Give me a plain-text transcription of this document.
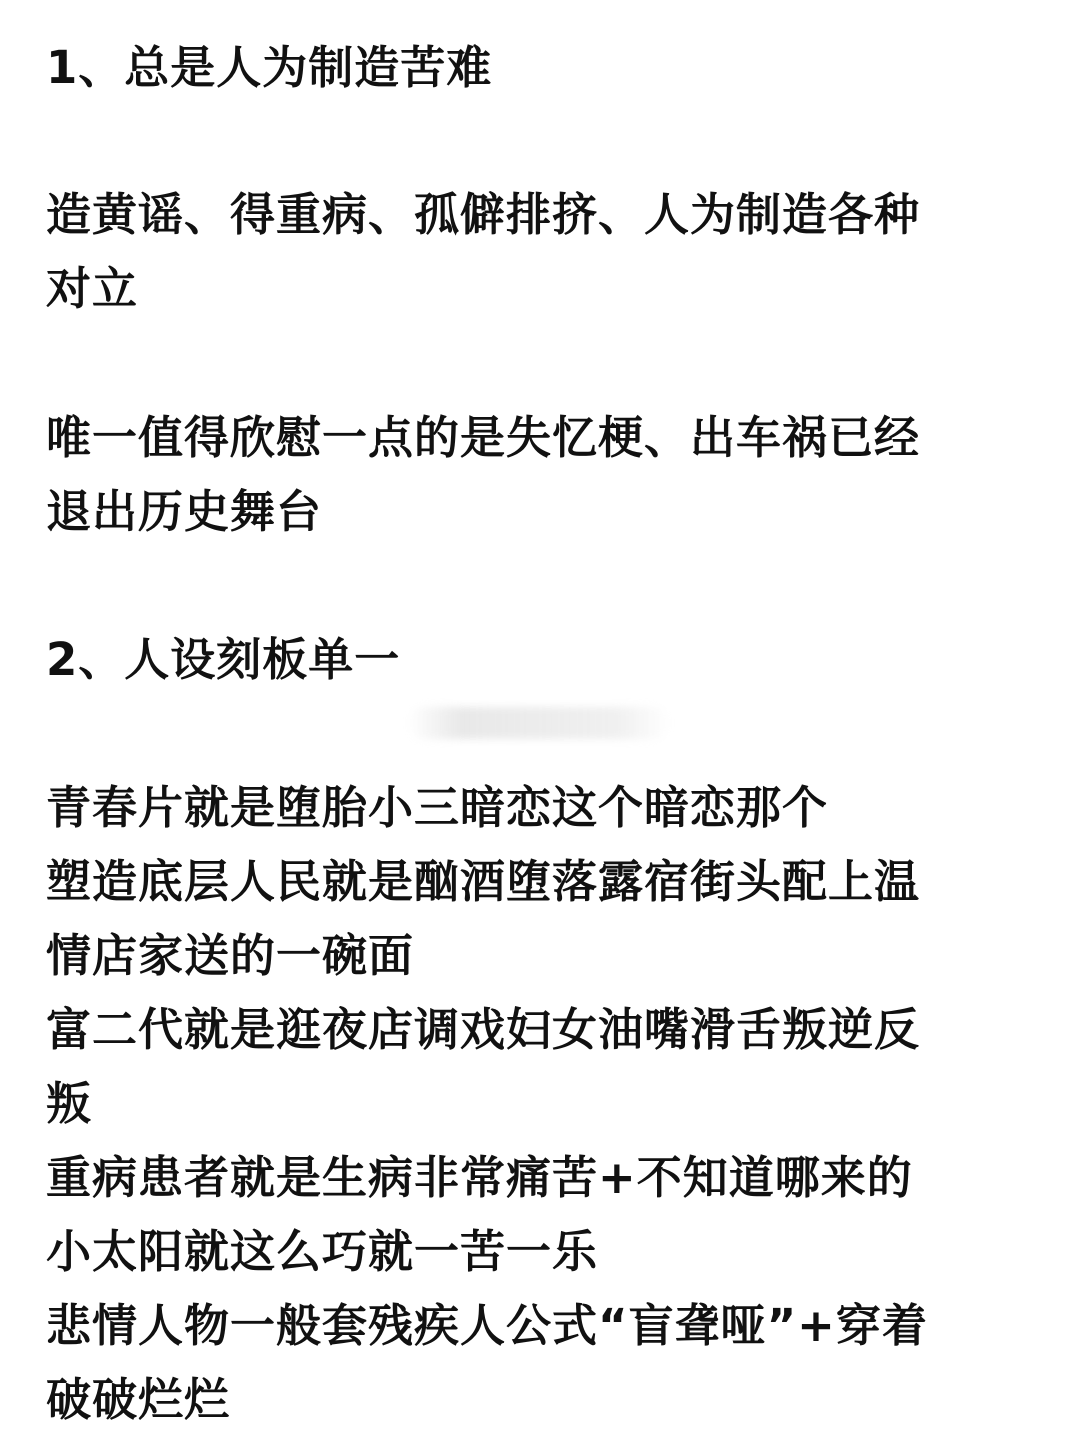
1、总是人为制造苦难
造黄谣、得重病、孤僻排挤、人为制造各种
对立
唯一值得欣慰一点的是失忆梗、出车祸已经
退出历史舞台
2、人设刻板单一
青春片就是堕胎小三暗恋这个暗恋那个
塑造底层人民就是酗酒堕落露宿街头配上温
情店家送的一碗面
富二代就是逛夜店调戏妇女油嘴滑舌叛逆反
叛
重病患者就是生病非常痛苦+不知道哪来的
小太阳就这么巧就一苦一乐
悲情人物一般套残疾人公式“盲聋哑”+穿着
破破烂烂
